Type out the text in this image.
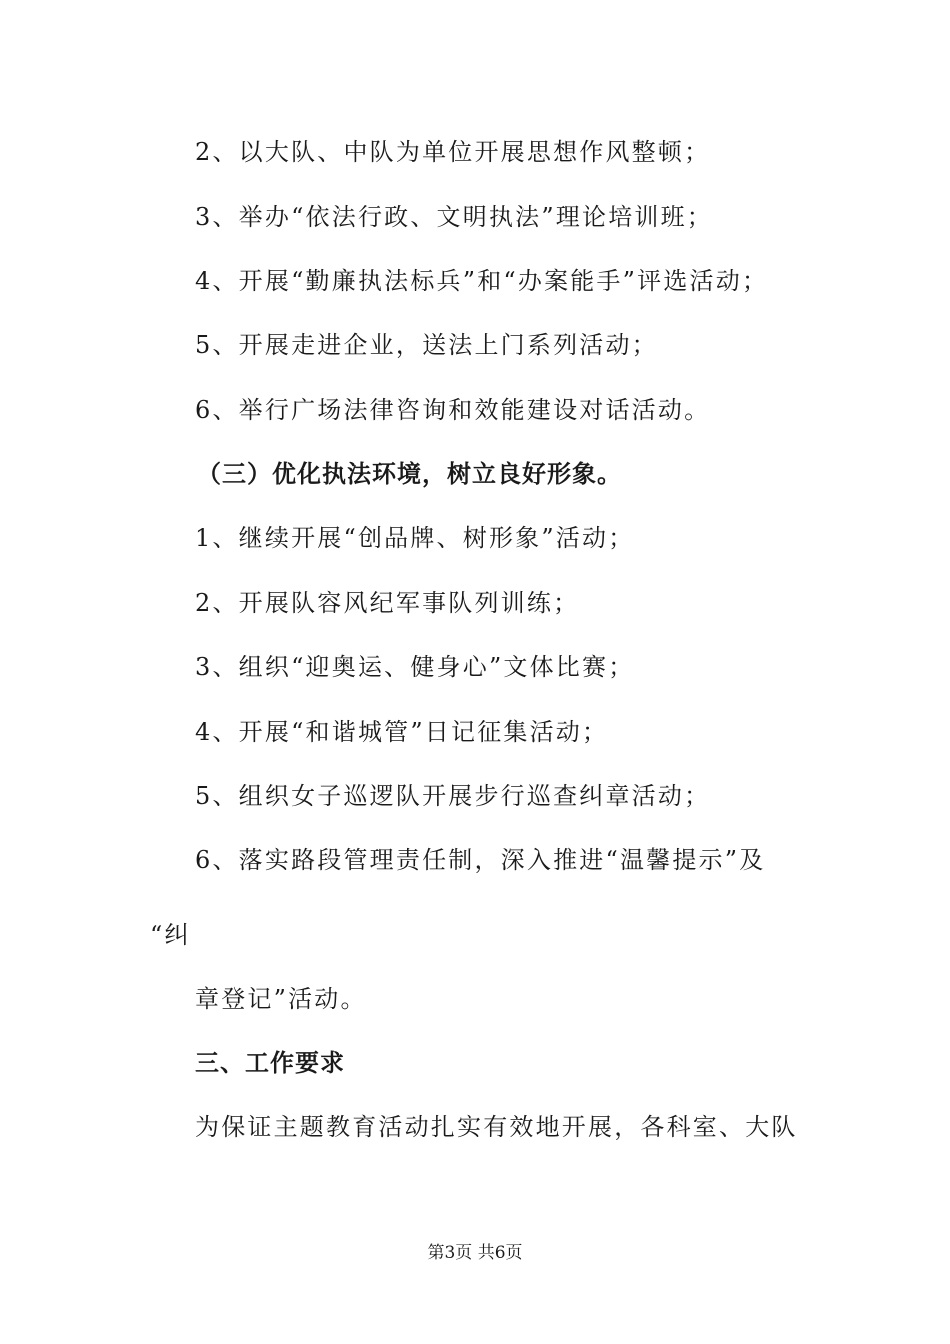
2、以大队、中队为单位开展思想作风整顿；
3、举办“依法行政、文明执法”理论培训班；
4、开展“勤廉执法标兵”和“办案能手”评选活动；
5、开展走进企业，送法上门系列活动；
6、举行广场法律咨询和效能建设对话活动。
（三）优化执法环境，树立良好形象。
1、继续开展“创品牌、树形象”活动；
2、开展队容风纪军事队列训练；
3、组织“迎奥运、健身心”文体比赛；
4、开展“和谐城管”日记征集活动；
5、组织女子巡逻队开展步行巡查纠章活动；
6、落实路段管理责任制，深入推进“温馨提示”及
“纠
章登记”活动。
三、工作要求
为保证主题教育活动扎实有效地开展，各科室、大队
第3页 共6页
